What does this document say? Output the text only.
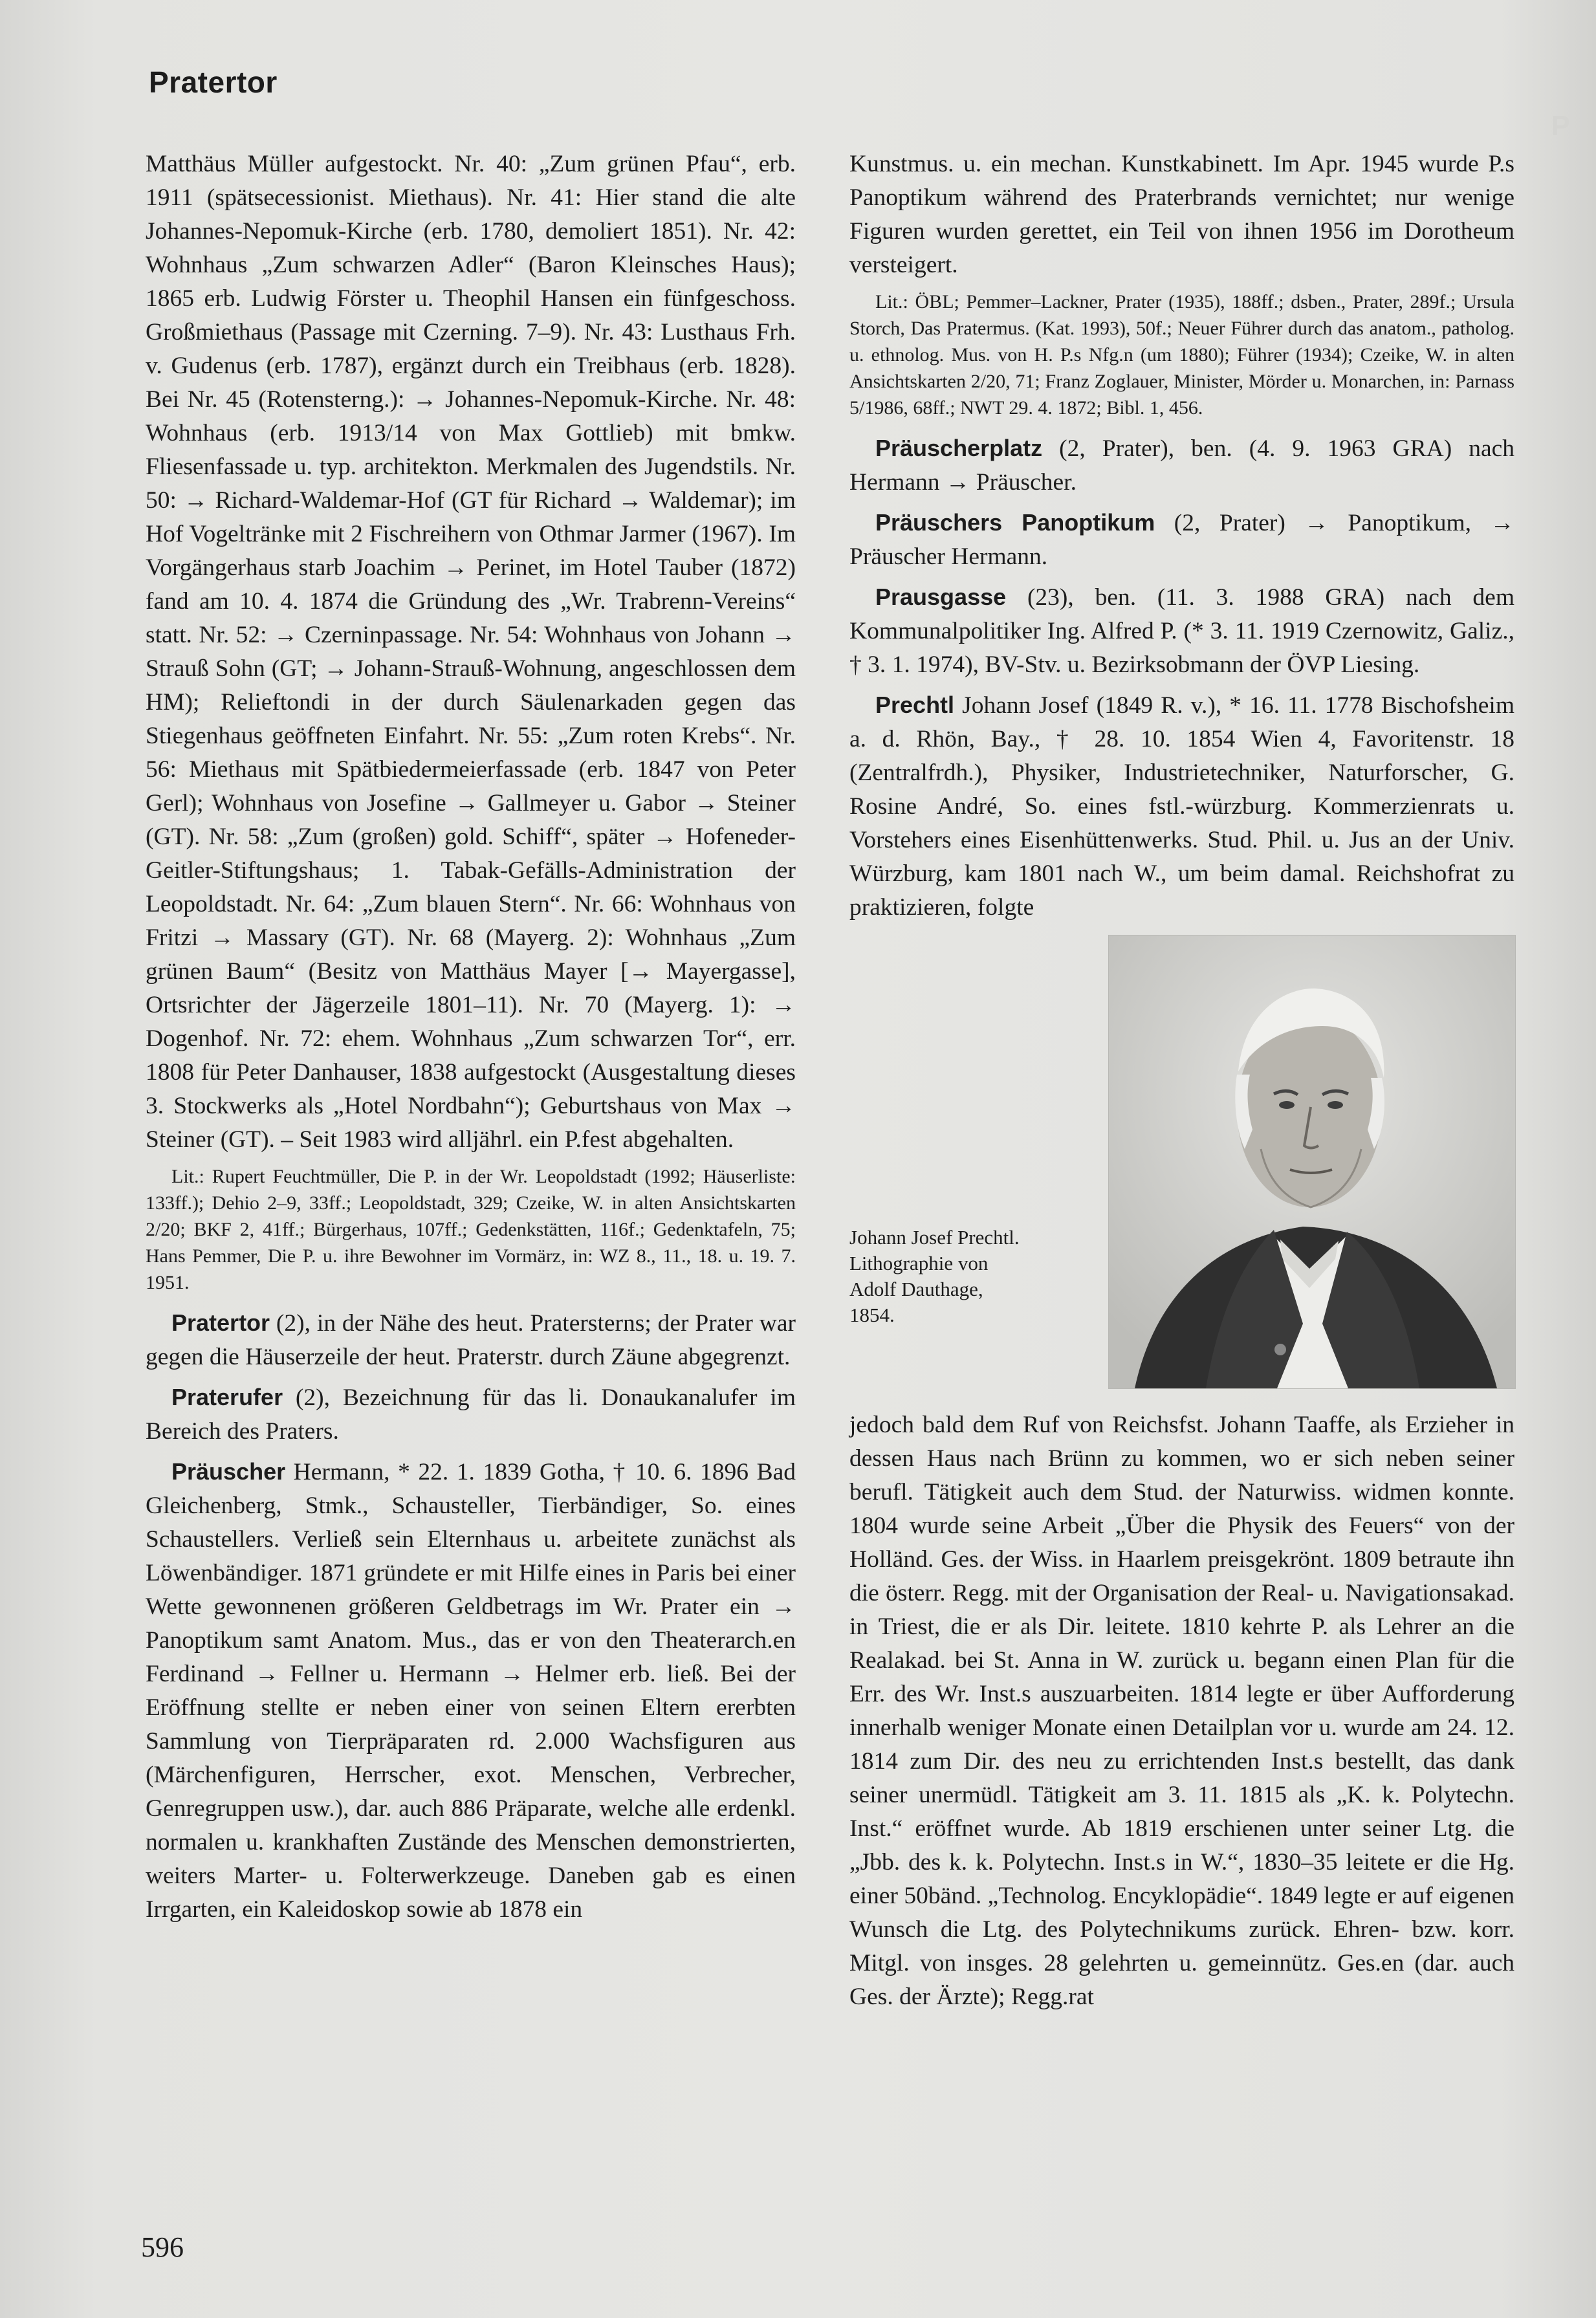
Pratertor
P

Matthäus Müller aufgestockt. Nr. 40: „Zum grünen Pfau“, erb. 1911 (spätsecessionist. Miethaus). Nr. 41: Hier stand die alte Johannes-Nepomuk-Kirche (erb. 1780, demoliert 1851). Nr. 42: Wohnhaus „Zum schwarzen Adler“ (Baron Kleinsches Haus); 1865 erb. Ludwig Förster u. Theophil Hansen ein fünfgeschoss. Großmiethaus (Passage mit Czerning. 7–9). Nr. 43: Lusthaus Frh. v. Gudenus (erb. 1787), ergänzt durch ein Treibhaus (erb. 1828). Bei Nr. 45 (Rotensterng.): → Johannes-Nepomuk-Kirche. Nr. 48: Wohnhaus (erb. 1913/14 von Max Gottlieb) mit bmkw. Fliesenfassade u. typ. architekton. Merkmalen des Jugendstils. Nr. 50: → Richard-Waldemar-Hof (GT für Richard → Waldemar); im Hof Vogeltränke mit 2 Fischreihern von Othmar Jarmer (1967). Im Vorgängerhaus starb Joachim → Perinet, im Hotel Tauber (1872) fand am 10. 4. 1874 die Gründung des „Wr. Trabrenn-Vereins“ statt. Nr. 52: → Czerninpassage. Nr. 54: Wohnhaus von Johann → Strauß Sohn (GT; → Johann-Strauß-Wohnung, angeschlossen dem HM); Relieftondi in der durch Säulenarkaden gegen das Stiegenhaus geöffneten Einfahrt. Nr. 55: „Zum roten Krebs“. Nr. 56: Miethaus mit Spätbiedermeierfassade (erb. 1847 von Peter Gerl); Wohnhaus von Josefine → Gallmeyer u. Gabor → Steiner (GT). Nr. 58: „Zum (großen) gold. Schiff“, später → Hofeneder-Geitler-Stiftungshaus; 1. Tabak-Gefälls-Administration der Leopoldstadt. Nr. 64: „Zum blauen Stern“. Nr. 66: Wohnhaus von Fritzi → Massary (GT). Nr. 68 (Mayerg. 2): Wohnhaus „Zum grünen Baum“ (Besitz von Matthäus Mayer [→ Mayergasse], Ortsrichter der Jägerzeile 1801–11). Nr. 70 (Mayerg. 1): → Dogenhof. Nr. 72: ehem. Wohnhaus „Zum schwarzen Tor“, err. 1808 für Peter Danhauser, 1838 aufgestockt (Ausgestaltung dieses 3. Stockwerks als „Hotel Nordbahn“); Geburtshaus von Max → Steiner (GT). – Seit 1983 wird alljährl. ein P.fest abgehalten.

Lit.: Rupert Feuchtmüller, Die P. in der Wr. Leopoldstadt (1992; Häuserliste: 133ff.); Dehio 2–9, 33ff.; Leopoldstadt, 329; Czeike, W. in alten Ansichtskarten 2/20; BKF 2, 41ff.; Bürgerhaus, 107ff.; Gedenkstätten, 116f.; Gedenktafeln, 75; Hans Pemmer, Die P. u. ihre Bewohner im Vormärz, in: WZ 8., 11., 18. u. 19. 7. 1951.

Pratertor (2), in der Nähe des heut. Pratersterns; der Prater war gegen die Häuserzeile der heut. Praterstr. durch Zäune abgegrenzt.

Praterufer (2), Bezeichnung für das li. Donaukanalufer im Bereich des Praters.

Präuscher Hermann, * 22. 1. 1839 Gotha, † 10. 6. 1896 Bad Gleichenberg, Stmk., Schausteller, Tierbändiger, So. eines Schaustellers. Verließ sein Elternhaus u. arbeitete zunächst als Löwenbändiger. 1871 gründete er mit Hilfe eines in Paris bei einer Wette gewonnenen größeren Geldbetrags im Wr. Prater ein → Panoptikum samt Anatom. Mus., das er von den Theaterarch.en Ferdinand → Fellner u. Hermann → Helmer erb. ließ. Bei der Eröffnung stellte er neben einer von seinen Eltern ererbten Sammlung von Tierpräparaten rd. 2.000 Wachsfiguren aus (Märchenfiguren, Herrscher, exot. Menschen, Verbrecher, Genregruppen usw.), dar. auch 886 Präparate, welche alle erdenkl. normalen u. krankhaften Zustände des Menschen demonstrierten, weiters Marter- u. Folterwerkzeuge. Daneben gab es einen Irrgarten, ein Kaleidoskop sowie ab 1878 ein

Kunstmus. u. ein mechan. Kunstkabinett. Im Apr. 1945 wurde P.s Panoptikum während des Praterbrands vernichtet; nur wenige Figuren wurden gerettet, ein Teil von ihnen 1956 im Dorotheum versteigert.

Lit.: ÖBL; Pemmer–Lackner, Prater (1935), 188ff.; dsben., Prater, 289f.; Ursula Storch, Das Pratermus. (Kat. 1993), 50f.; Neuer Führer durch das anatom., patholog. u. ethnolog. Mus. von H. P.s Nfg.n (um 1880); Führer (1934); Czeike, W. in alten Ansichtskarten 2/20, 71; Franz Zoglauer, Minister, Mörder u. Monarchen, in: Parnass 5/1986, 68ff.; NWT 29. 4. 1872; Bibl. 1, 456.

Präuscherplatz (2, Prater), ben. (4. 9. 1963 GRA) nach Hermann → Präuscher.

Präuschers Panoptikum (2, Prater) → Panoptikum, → Präuscher Hermann.

Prausgasse (23), ben. (11. 3. 1988 GRA) nach dem Kommunalpolitiker Ing. Alfred P. (* 3. 11. 1919 Czernowitz, Galiz., † 3. 1. 1974), BV-Stv. u. Bezirksobmann der ÖVP Liesing.

Prechtl Johann Josef (1849 R. v.), * 16. 11. 1778 Bischofsheim a. d. Rhön, Bay., † 28. 10. 1854 Wien 4, Favoritenstr. 18 (Zentralfrdh.), Physiker, Industrietechniker, Naturforscher, G. Rosine André, So. eines fstl.-würzburg. Kommerzienrats u. Vorstehers eines Eisenhüttenwerks. Stud. Phil. u. Jus an der Univ. Würzburg, kam 1801 nach W., um beim damal. Reichshofrat zu praktizieren, folgte

Johann Josef Prechtl.
Lithographie von
Adolf Dauthage,
1854.

jedoch bald dem Ruf von Reichsfst. Johann Taaffe, als Erzieher in dessen Haus nach Brünn zu kommen, wo er sich neben seiner berufl. Tätigkeit auch dem Stud. der Naturwiss. widmen konnte. 1804 wurde seine Arbeit „Über die Physik des Feuers“ von der Holländ. Ges. der Wiss. in Haarlem preisgekrönt. 1809 betraute ihn die österr. Regg. mit der Organisation der Real- u. Navigationsakad. in Triest, die er als Dir. leitete. 1810 kehrte P. als Lehrer an die Realakad. bei St. Anna in W. zurück u. begann einen Plan für die Err. des Wr. Inst.s auszuarbeiten. 1814 legte er über Aufforderung innerhalb weniger Monate einen Detailplan vor u. wurde am 24. 12. 1814 zum Dir. des neu zu errichtenden Inst.s bestellt, das dank seiner unermüdl. Tätigkeit am 3. 11. 1815 als „K. k. Polytechn. Inst.“ eröffnet wurde. Ab 1819 erschienen unter seiner Ltg. die „Jbb. des k. k. Polytechn. Inst.s in W.“, 1830–35 leitete er die Hg. einer 50bänd. „Technolog. Encyklopädie“. 1849 legte er auf eigenen Wunsch die Ltg. des Polytechnikums zurück. Ehren- bzw. korr. Mitgl. von insges. 28 gelehrten u. gemeinnütz. Ges.en (dar. auch Ges. der Ärzte); Regg.rat

596
